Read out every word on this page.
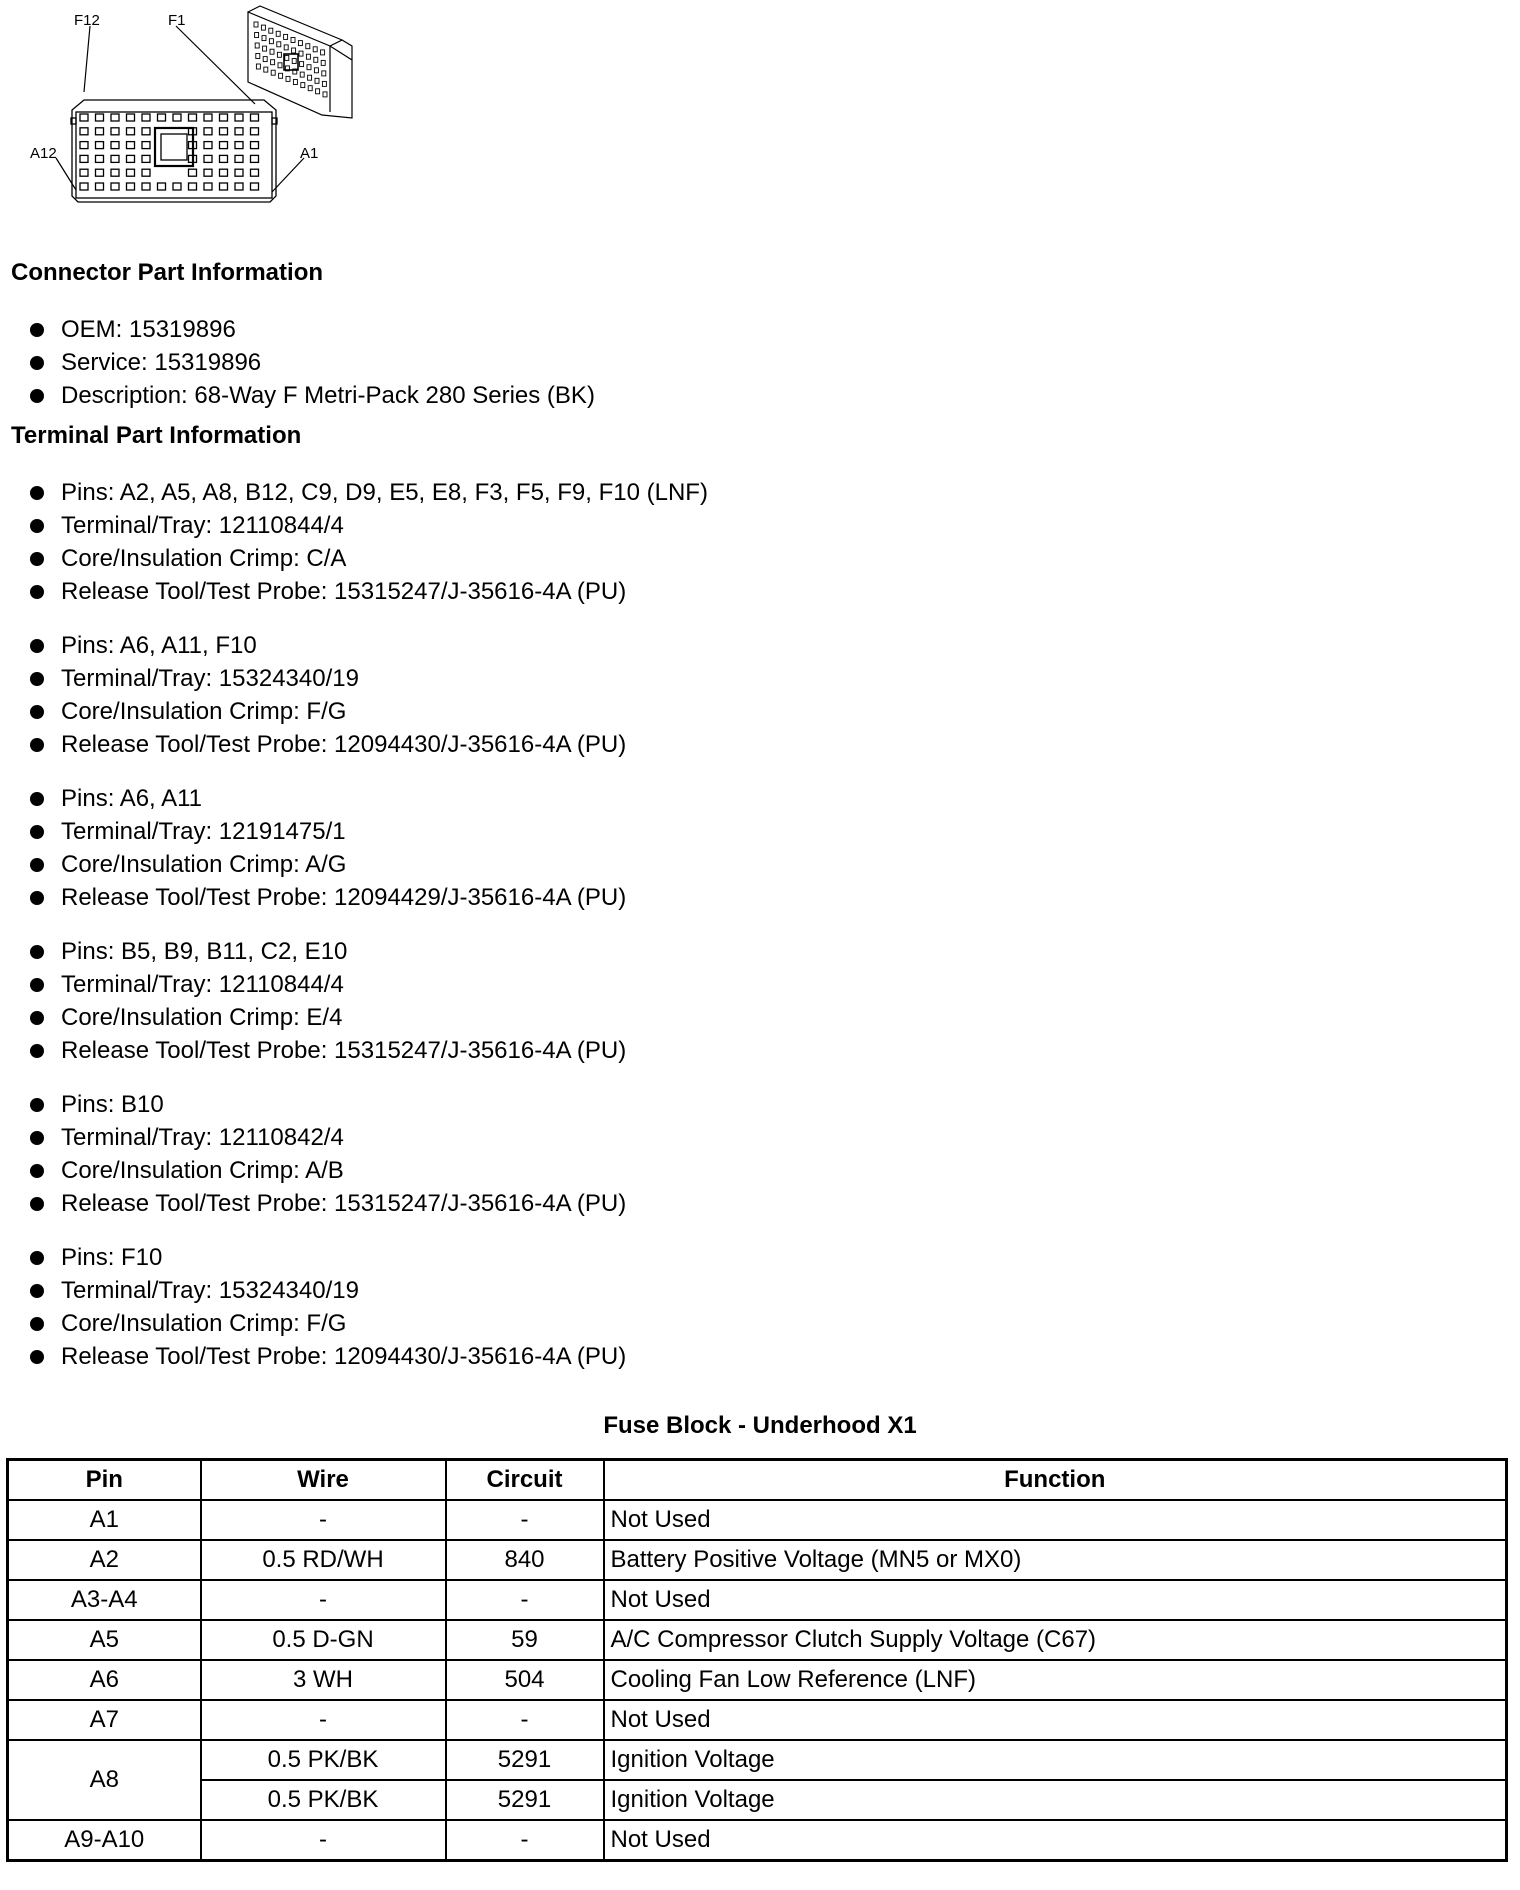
F12	F1
A12	A1
Connector Part Information
OEM: 15319896
Service: 15319896
Description: 68-Way F Metri-Pack 280 Series (BK)
Terminal Part Information
Pins: A2, A5, A8, B12, C9, D9, E5, E8, F3, F5, F9, F10 (LNF)
Terminal/Tray: 12110844/4
Core/Insulation Crimp: C/A
Release Tool/Test Probe: 15315247/J-35616-4A (PU)
Pins: A6, A11, F10
Terminal/Tray: 15324340/19
Core/Insulation Crimp: F/G
Release Tool/Test Probe: 12094430/J-35616-4A (PU)
Pins: A6, A11
Terminal/Tray: 12191475/1
Core/Insulation Crimp: A/G
Release Tool/Test Probe: 12094429/J-35616-4A (PU)
Pins: B5, B9, B11, C2, E10
Terminal/Tray: 12110844/4
Core/Insulation Crimp: E/4
Release Tool/Test Probe: 15315247/J-35616-4A (PU)
Pins: B10
Terminal/Tray: 12110842/4
Core/Insulation Crimp: A/B
Release Tool/Test Probe: 15315247/J-35616-4A (PU)
Pins: F10
Terminal/Tray: 15324340/19
Core/Insulation Crimp: F/G
Release Tool/Test Probe: 12094430/J-35616-4A (PU)
Fuse Block - Underhood X1
Pin	Wire	Circuit	Function
A1	-	-	Not Used
A2	0.5 RD/WH	840	Battery Positive Voltage (MN5 or MX0)
A3-A4	-	-	Not Used
A5	0.5 D-GN	59	A/C Compressor Clutch Supply Voltage (C67)
A6	3 WH	504	Cooling Fan Low Reference (LNF)
A7	-	-	Not Used
A8	0.5 PK/BK	5291	Ignition Voltage
	0.5 PK/BK	5291	Ignition Voltage
A9-A10	-	-	Not Used
